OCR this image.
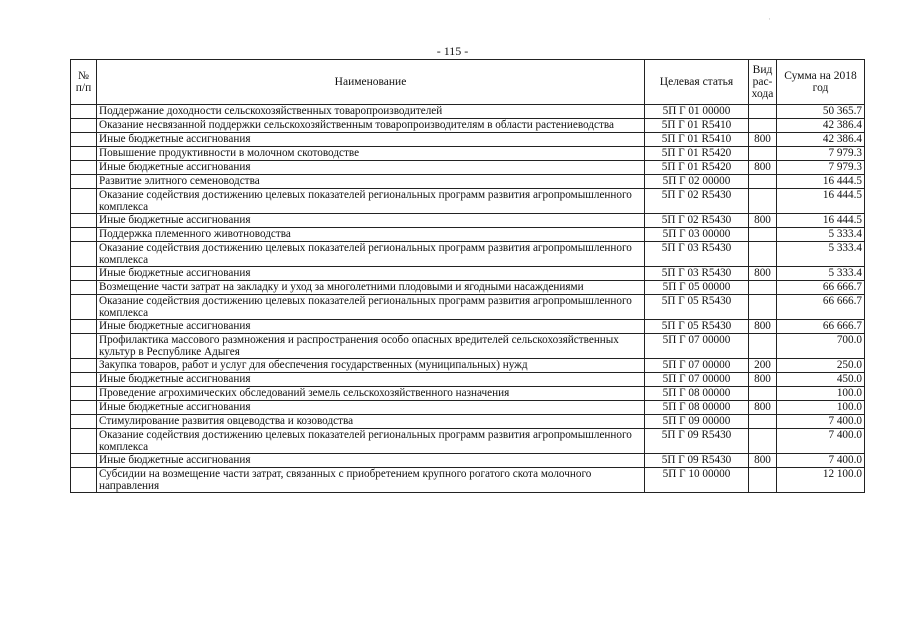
·
- 115 -
№ п/п	Наименование	Целевая статья	Вид рас-хода	Сумма на 2018 год
	Поддержание доходности сельскохозяйственных товаропроизводителей	5П Г 01 00000		50 365.7
	Оказание несвязанной поддержки сельскохозяйственным товаропроизводителям в области растениеводства	5П Г 01 R5410		42 386.4
	Иные бюджетные ассигнования	5П Г 01 R5410	800	42 386.4
	Повышение продуктивности в молочном скотоводстве	5П Г 01 R5420		7 979.3
	Иные бюджетные ассигнования	5П Г 01 R5420	800	7 979.3
	Развитие элитного семеноводства	5П Г 02 00000		16 444.5
	Оказание содействия достижению целевых показателей региональных программ развития агропромышленного комплекса	5П Г 02 R5430		16 444.5
	Иные бюджетные ассигнования	5П Г 02 R5430	800	16 444.5
	Поддержка племенного животноводства	5П Г 03 00000		5 333.4
	Оказание содействия достижению целевых показателей региональных программ развития агропромышленного комплекса	5П Г 03 R5430		5 333.4
	Иные бюджетные ассигнования	5П Г 03 R5430	800	5 333.4
	Возмещение части затрат на закладку и уход за многолетними плодовыми и ягодными насаждениями	5П Г 05 00000		66 666.7
	Оказание содействия достижению целевых показателей региональных программ развития агропромышленного комплекса	5П Г 05 R5430		66 666.7
	Иные бюджетные ассигнования	5П Г 05 R5430	800	66 666.7
	Профилактика массового размножения и распространения особо опасных вредителей сельскохозяйственных культур в Республике Адыгея	5П Г 07 00000		700.0
	Закупка товаров, работ и услуг для обеспечения государственных (муниципальных) нужд	5П Г 07 00000	200	250.0
	Иные бюджетные ассигнования	5П Г 07 00000	800	450.0
	Проведение агрохимических обследований земель сельскохозяйственного назначения	5П Г 08 00000		100.0
	Иные бюджетные ассигнования	5П Г 08 00000	800	100.0
	Стимулирование развития овцеводства и козоводства	5П Г 09 00000		7 400.0
	Оказание содействия достижению целевых показателей региональных программ развития агропромышленного комплекса	5П Г 09 R5430		7 400.0
	Иные бюджетные ассигнования	5П Г 09 R5430	800	7 400.0
	Субсидии на возмещение части затрат, связанных с приобретением крупного рогатого скота молочного направления	5П Г 10 00000		12 100.0
